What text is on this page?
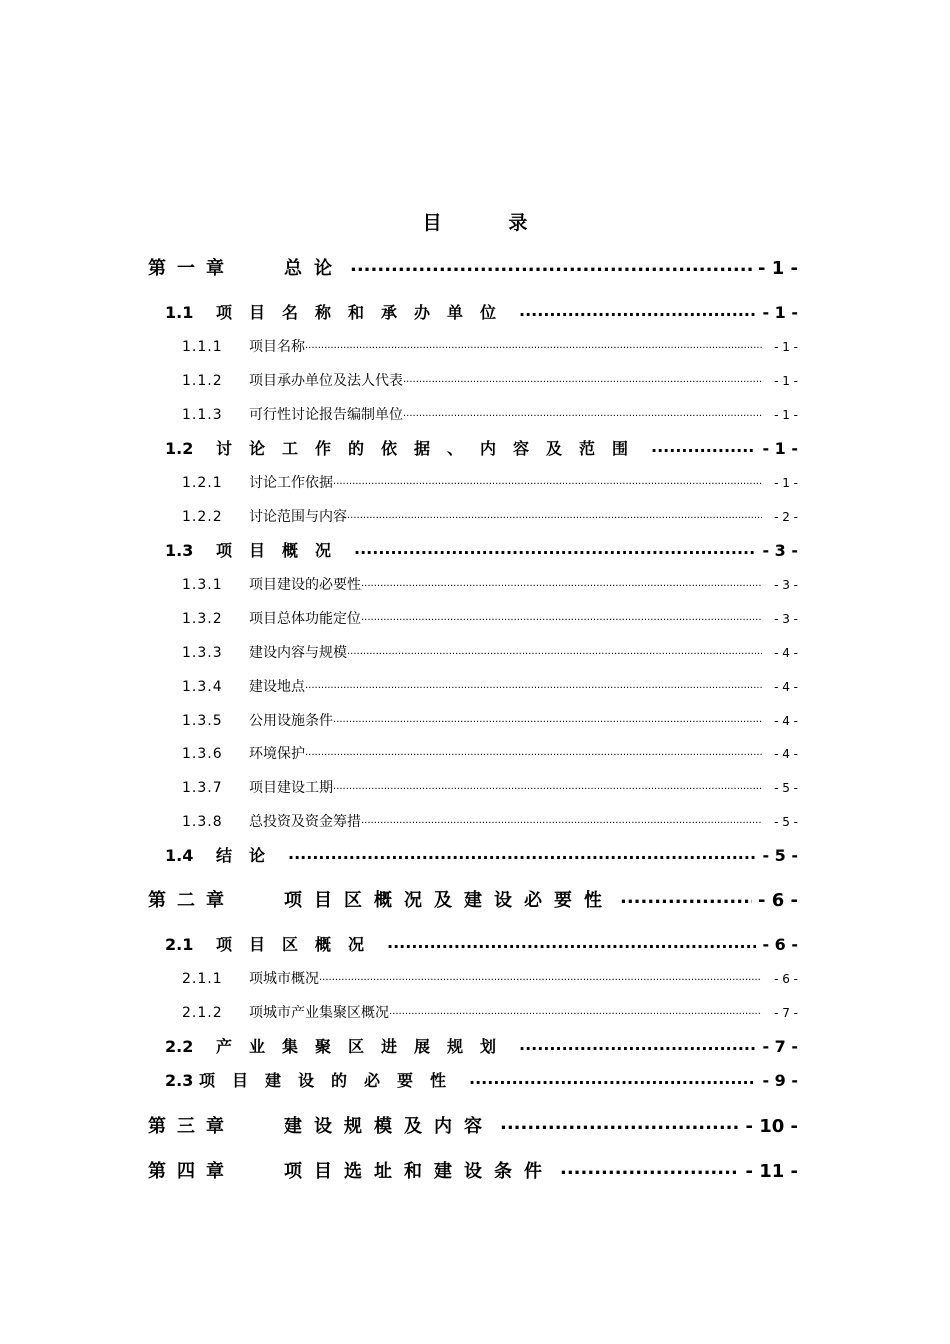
目	录
第一章	总论 .....	- 1 -
1.1	项目名称和承办单位 .....	- 1 -
1.1.1	项目名称 .....	- 1 -
1.1.2	项目承办单位及法人代表 .....	- 1 -
1.1.3	可行性讨论报告编制单位 .....	- 1 -
1.2	讨论工作的依据、内容及范围 .....	- 1 -
1.2.1	讨论工作依据 .....	- 1 -
1.2.2	讨论范围与内容 .....	- 2 -
1.3	项目概况 .....	- 3 -
1.3.1	项目建设的必要性 .....	- 3 -
1.3.2	项目总体功能定位 .....	- 3 -
1.3.3	建设内容与规模 .....	- 4 -
1.3.4	建设地点 .....	- 4 -
1.3.5	公用设施条件 .....	- 4 -
1.3.6	环境保护 .....	- 4 -
1.3.7	项目建设工期 .....	- 5 -
1.3.8	总投资及资金筹措 .....	- 5 -
1.4	结论 .....	- 5 -
第二章	项目区概况及建设必要性 .....	- 6 -
2.1	项目区概况 .....	- 6 -
2.1.1	项城市概况 .....	- 6 -
2.1.2	项城市产业集聚区概况 .....	- 7 -
2.2	产业集聚区进展规划 .....	- 7 -
2.3 项目建设的必要性 .....	- 9 -
第三章	建设规模及内容 .....	- 10 -
第四章	项目选址和建设条件 .....	- 11 -
